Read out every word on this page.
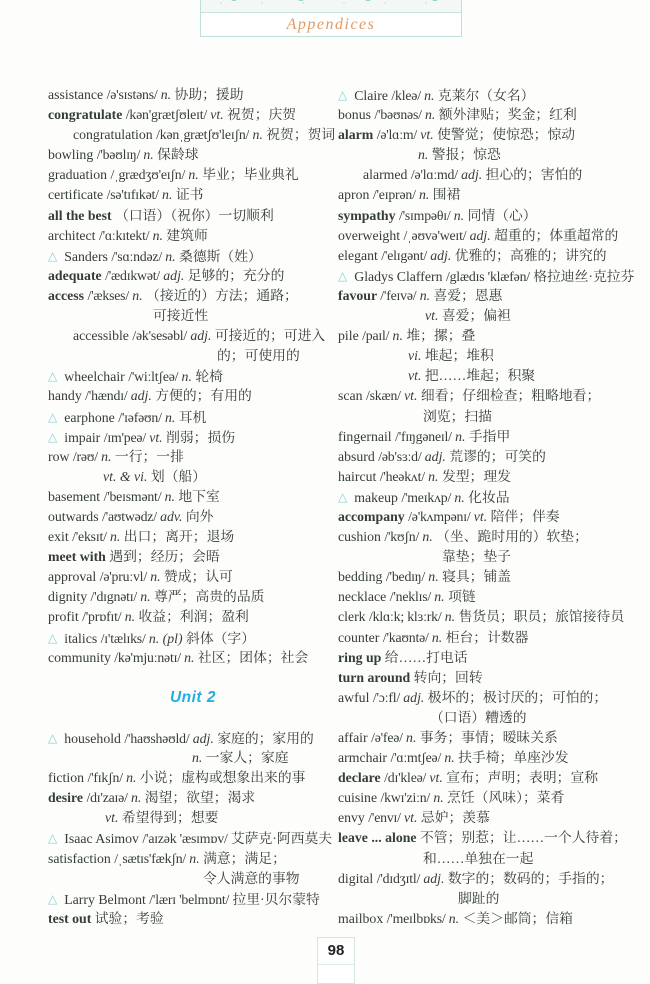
Appendices
assistance /ə'sɪstəns/ n. 协助；援助
congratulate /kən'grætʃʊleɪt/ vt. 祝贺；庆贺
congratulation /kənˌgrætʃʊ'leɪʃn/ n. 祝贺；贺词
bowling /'bəʊlɪŋ/ n. 保龄球
graduation /ˌgrædʒʊ'eɪʃn/ n. 毕业；毕业典礼
certificate /sə'tɪfɪkət/ n. 证书
all the best （口语）（祝你）一切顺利
architect /'ɑːkɪtekt/ n. 建筑师
△ Sanders /'sɑːndəz/ n. 桑德斯（姓）
adequate /'ædɪkwət/ adj. 足够的；充分的
access /'ækses/ n. （接近的）方法；通路；
可接近性
accessible /ək'sesəbl/ adj. 可接近的；可进入
的；可使用的
△ wheelchair /'wiːltʃeə/ n. 轮椅
handy /'hændɪ/ adj. 方便的；有用的
△ earphone /'ɪəfəʊn/ n. 耳机
△ impair /ɪm'peə/ vt. 削弱；损伤
row /rəʊ/ n. 一行；一排
vt. & vi. 划（船）
basement /'beɪsmənt/ n. 地下室
outwards /'aʊtwədz/ adv. 向外
exit /'eksɪt/ n. 出口；离开；退场
meet with 遇到；经历；会晤
approval /ə'pruːvl/ n. 赞成；认可
dignity /'dɪgnətɪ/ n. 尊严；高贵的品质
profit /'prɒfɪt/ n. 收益；利润；盈利
△ italics /ɪ'tælɪks/ n. (pl) 斜体（字）
community /kə'mjuːnətɪ/ n. 社区；团体；社会
Unit 2
△ household /'haʊshəʊld/ adj. 家庭的；家用的
n. 一家人；家庭
fiction /'fɪkʃn/ n. 小说；虚构或想象出来的事
desire /dɪ'zaɪə/ n. 渴望；欲望；渴求
vt. 希望得到；想要
△ Isaac Asimov /'aɪzək 'æsɪmɒv/ 艾萨克·阿西莫夫
satisfaction /ˌsætɪs'fækʃn/ n. 满意；满足；
令人满意的事物
△ Larry Belmont /'lærɪ 'belmɒnt/ 拉里·贝尔蒙特
test out 试验；考验
△ Claire /kleə/ n. 克莱尔（女名）
bonus /'bəʊnəs/ n. 额外津贴；奖金；红利
alarm /ə'lɑːm/ vt. 使警觉；使惊恐；惊动
n. 警报；惊恐
alarmed /ə'lɑːmd/ adj. 担心的；害怕的
apron /'eɪprən/ n. 围裙
sympathy /'sɪmpəθɪ/ n. 同情（心）
overweight /ˌəʊvə'weɪt/ adj. 超重的；体重超常的
elegant /'elɪgənt/ adj. 优雅的；高雅的；讲究的
△ Gladys Claffern /glædɪs 'klæfən/ 格拉迪丝·克拉芬
favour /'feɪvə/ n. 喜爱；恩惠
vt. 喜爱；偏袒
pile /paɪl/ n. 堆；摞；叠
vi. 堆起；堆积
vt. 把……堆起；积聚
scan /skæn/ vt. 细看；仔细检查；粗略地看；
浏览；扫描
fingernail /'fɪŋgəneɪl/ n. 手指甲
absurd /əb'sɜːd/ adj. 荒谬的；可笑的
haircut /'heəkʌt/ n. 发型；理发
△ makeup /'meɪkʌp/ n. 化妆品
accompany /ə'kʌmpənɪ/ vt. 陪伴；伴奏
cushion /'kʊʃn/ n. （坐、跪时用的）软垫；
靠垫；垫子
bedding /'bedɪŋ/ n. 寝具；铺盖
necklace /'neklɪs/ n. 项链
clerk /klɑːk; klɜːrk/ n. 售货员；职员；旅馆接待员
counter /'kaʊntə/ n. 柜台；计数器
ring up 给……打电话
turn around 转向；回转
awful /'ɔːfl/ adj. 极坏的；极讨厌的；可怕的；
（口语）糟透的
affair /ə'feə/ n. 事务；事情；暧昧关系
armchair /'ɑːmtʃeə/ n. 扶手椅；单座沙发
declare /dɪ'kleə/ vt. 宣布；声明；表明；宣称
cuisine /kwɪ'ziːn/ n. 烹饪（风味）；菜肴
envy /'envɪ/ vt. 忌妒；羡慕
leave ... alone 不管；别惹；让……一个人待着；
和……单独在一起
digital /'dɪdʒɪtl/ adj. 数字的；数码的；手指的；
脚趾的
mailbox /'meɪlbɒks/ n. ＜美＞邮筒；信箱
98
